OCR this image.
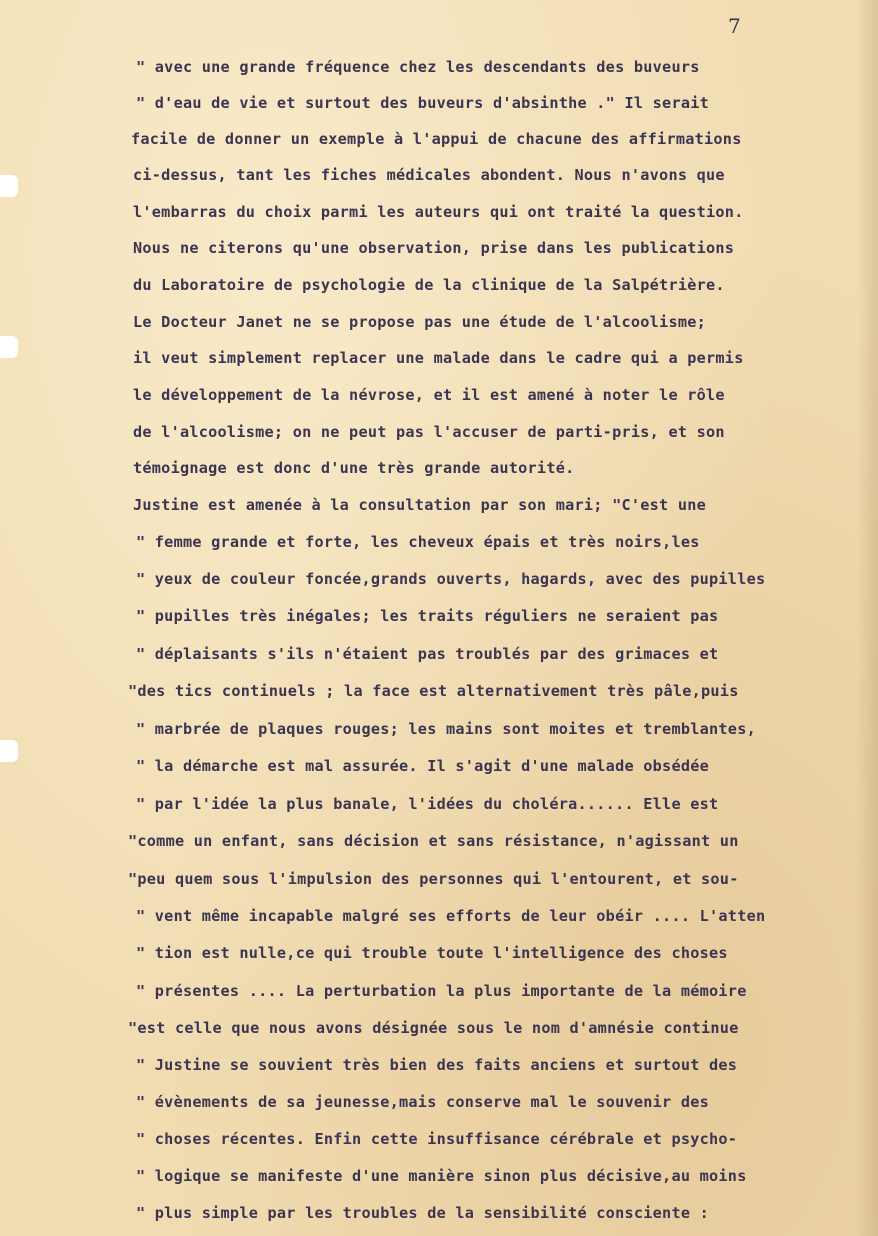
7
" avec une grande fréquence chez les descendants des buveurs
" d'eau de vie et surtout des buveurs d'absinthe ." Il serait
facile de donner un exemple à l'appui de chacune des affirmations
ci-dessus, tant les fiches médicales abondent. Nous n'avons que
l'embarras du choix parmi les auteurs qui ont traité la question.
Nous ne citerons qu'une observation, prise dans les publications
du Laboratoire de psychologie de la clinique de la Salpétrière.
Le Docteur Janet ne se propose pas une étude de l'alcoolisme;
il veut simplement replacer une malade dans le cadre qui a permis
le développement de la névrose, et il est amené à noter le rôle
de l'alcoolisme; on ne peut pas l'accuser de parti-pris, et son
témoignage est donc d'une très grande autorité.
Justine est amenée à la consultation par son mari; "C'est une
" femme grande et forte, les cheveux épais et très noirs,les
" yeux de couleur foncée,grands ouverts, hagards, avec des pupilles
" pupilles très inégales; les traits réguliers ne seraient pas
" déplaisants s'ils n'étaient pas troublés par des grimaces et
"des tics continuels ; la face est alternativement très pâle,puis
" marbrée de plaques rouges; les mains sont moites et tremblantes,
" la démarche est mal assurée. Il s'agit d'une malade obsédée
" par l'idée la plus banale, l'idées du choléra...... Elle est
"comme un enfant, sans décision et sans résistance, n'agissant un
"peu quem sous l'impulsion des personnes qui l'entourent, et sou-
" vent même incapable malgré ses efforts de leur obéir .... L'atten
" tion est nulle,ce qui trouble toute l'intelligence des choses
" présentes .... La perturbation la plus importante de la mémoire
"est celle que nous avons désignée sous le nom d'amnésie continue
" Justine se souvient très bien des faits anciens et surtout des
" évènements de sa jeunesse,mais conserve mal le souvenir des
" choses récentes. Enfin cette insuffisance cérébrale et psycho-
" logique se manifeste d'une manière sinon plus décisive,au moins
" plus simple par les troubles de la sensibilité consciente :
